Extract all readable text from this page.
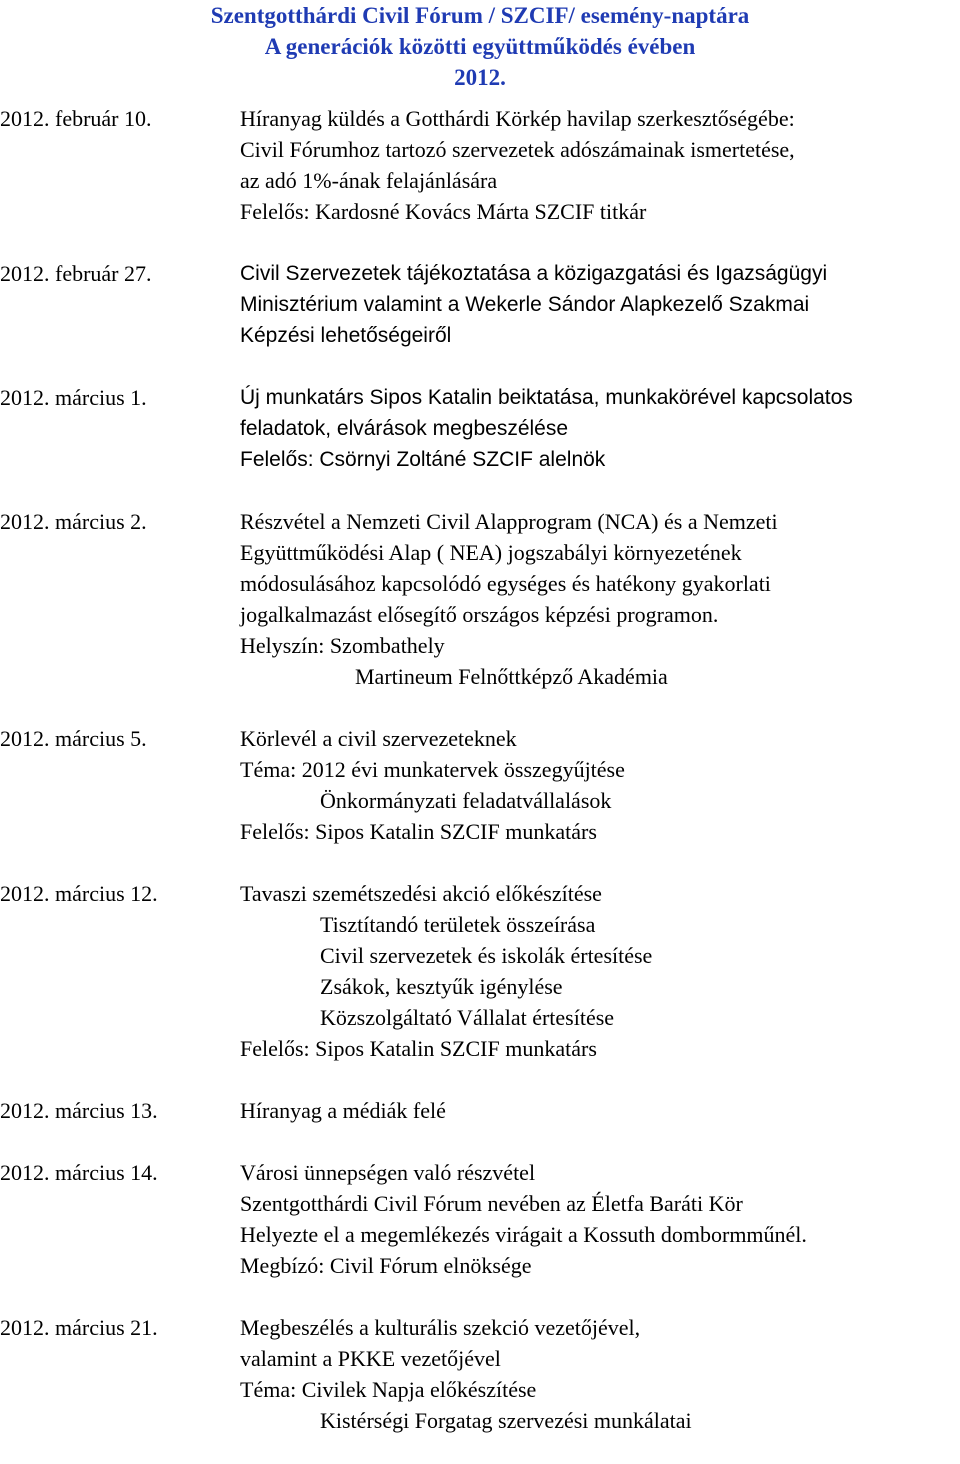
Szentgotthárdi Civil Fórum / SZCIF/ esemény-naptára
A generációk közötti együttműködés évében
2012.
2012. február 10.	Híranyag küldés a Gotthárdi Körkép havilap szerkesztőségébe:
Civil Fórumhoz tartozó szervezetek adószámainak ismertetése,
az adó 1%-ának felajánlására
Felelős: Kardosné Kovács Márta SZCIF titkár
2012. február 27.	Civil Szervezetek tájékoztatása a közigazgatási és Igazságügyi
Minisztérium valamint a Wekerle Sándor Alapkezelő Szakmai
Képzési lehetőségeiről
2012. március 1.	Új munkatárs Sipos Katalin beiktatása, munkakörével kapcsolatos
feladatok, elvárások megbeszélése
Felelős: Csörnyi Zoltáné SZCIF alelnök
2012. március 2.	Részvétel a Nemzeti Civil Alapprogram (NCA) és a Nemzeti
Együttműködési Alap ( NEA) jogszabályi környezetének
módosulásához kapcsolódó egységes és hatékony gyakorlati
jogalkalmazást elősegítő országos képzési programon.
Helyszín: Szombathely
Martineum Felnőttképző Akadémia
2012. március 5.	Körlevél a civil szervezeteknek
Téma: 2012 évi munkatervek összegyűjtése
Önkormányzati feladatvállalások
Felelős: Sipos Katalin SZCIF munkatárs
2012. március 12.	Tavaszi szemétszedési akció előkészítése
Tisztítandó területek összeírása
Civil szervezetek és iskolák értesítése
Zsákok, kesztyűk igénylése
Közszolgáltató Vállalat értesítése
Felelős: Sipos Katalin SZCIF munkatárs
2012. március 13.	Híranyag a médiák felé
2012. március 14.	Városi ünnepségen való részvétel
Szentgotthárdi Civil Fórum nevében az Életfa Baráti Kör
Helyezte el a megemlékezés virágait a Kossuth dombormműnél.
Megbízó: Civil Fórum elnöksége
2012. március 21.	Megbeszélés a kulturális szekció vezetőjével,
valamint a PKKE vezetőjével
Téma: Civilek Napja előkészítése
Kistérségi Forgatag szervezési munkálatai
